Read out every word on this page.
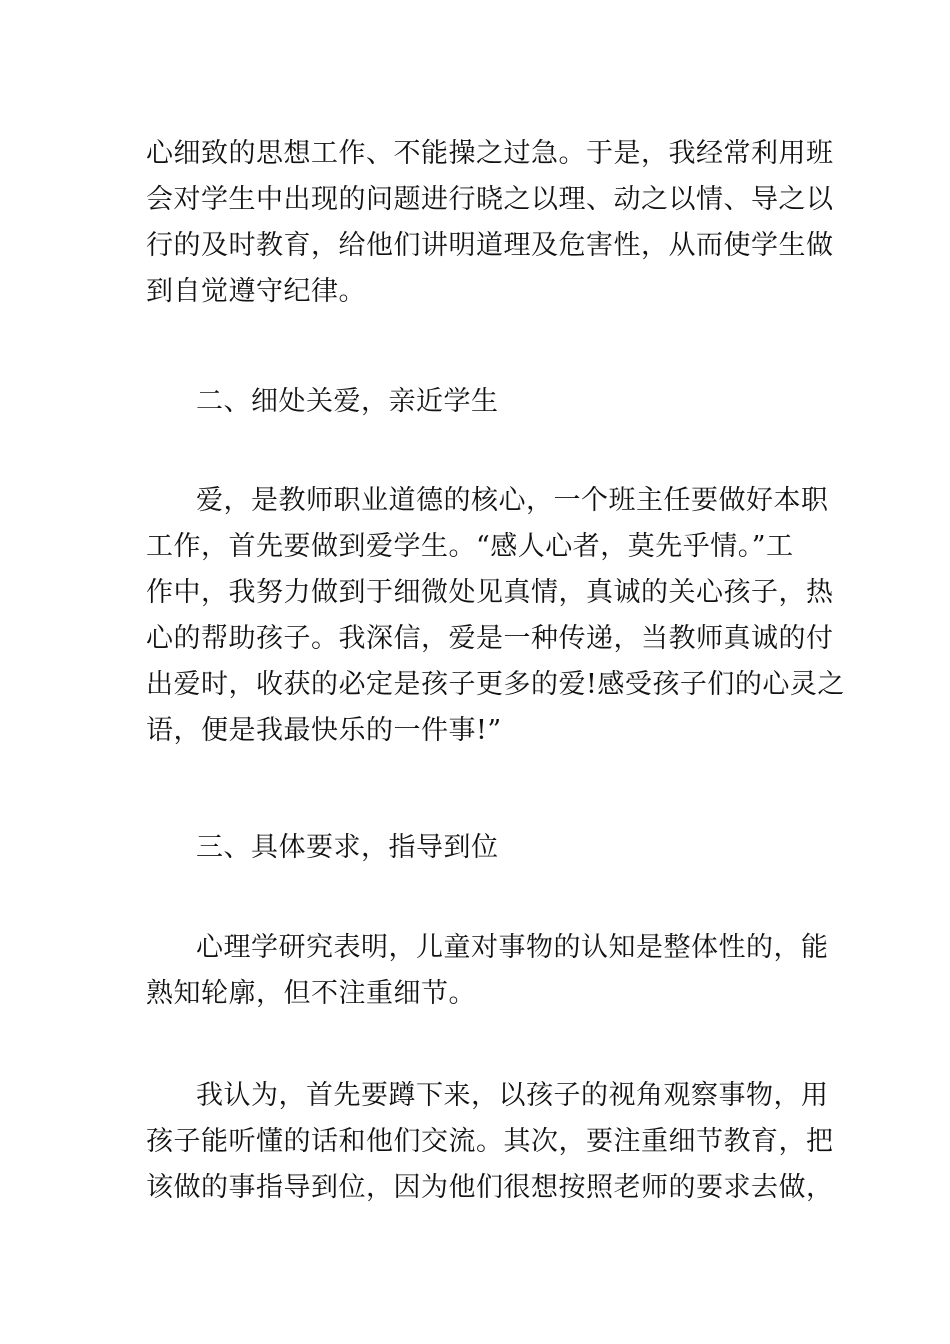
心细致的思想工作、不能操之过急。于是，我经常利用班
会对学生中出现的问题进行晓之以理、动之以情、导之以
行的及时教育，给他们讲明道理及危害性，从而使学生做
到自觉遵守纪律。
二、细处关爱，亲近学生
爱，是教师职业道德的核心，一个班主任要做好本职
工作，首先要做到爱学生。“感人心者，莫先乎情。”工
作中，我努力做到于细微处见真情，真诚的关心孩子，热
心的帮助孩子。我深信，爱是一种传递，当教师真诚的付
出爱时，收获的必定是孩子更多的爱!感受孩子们的心灵之
语，便是我最快乐的一件事!”
三、具体要求，指导到位
心理学研究表明，儿童对事物的认知是整体性的，能
熟知轮廓，但不注重细节。
我认为，首先要蹲下来，以孩子的视角观察事物，用
孩子能听懂的话和他们交流。其次，要注重细节教育，把
该做的事指导到位，因为他们很想按照老师的要求去做，
